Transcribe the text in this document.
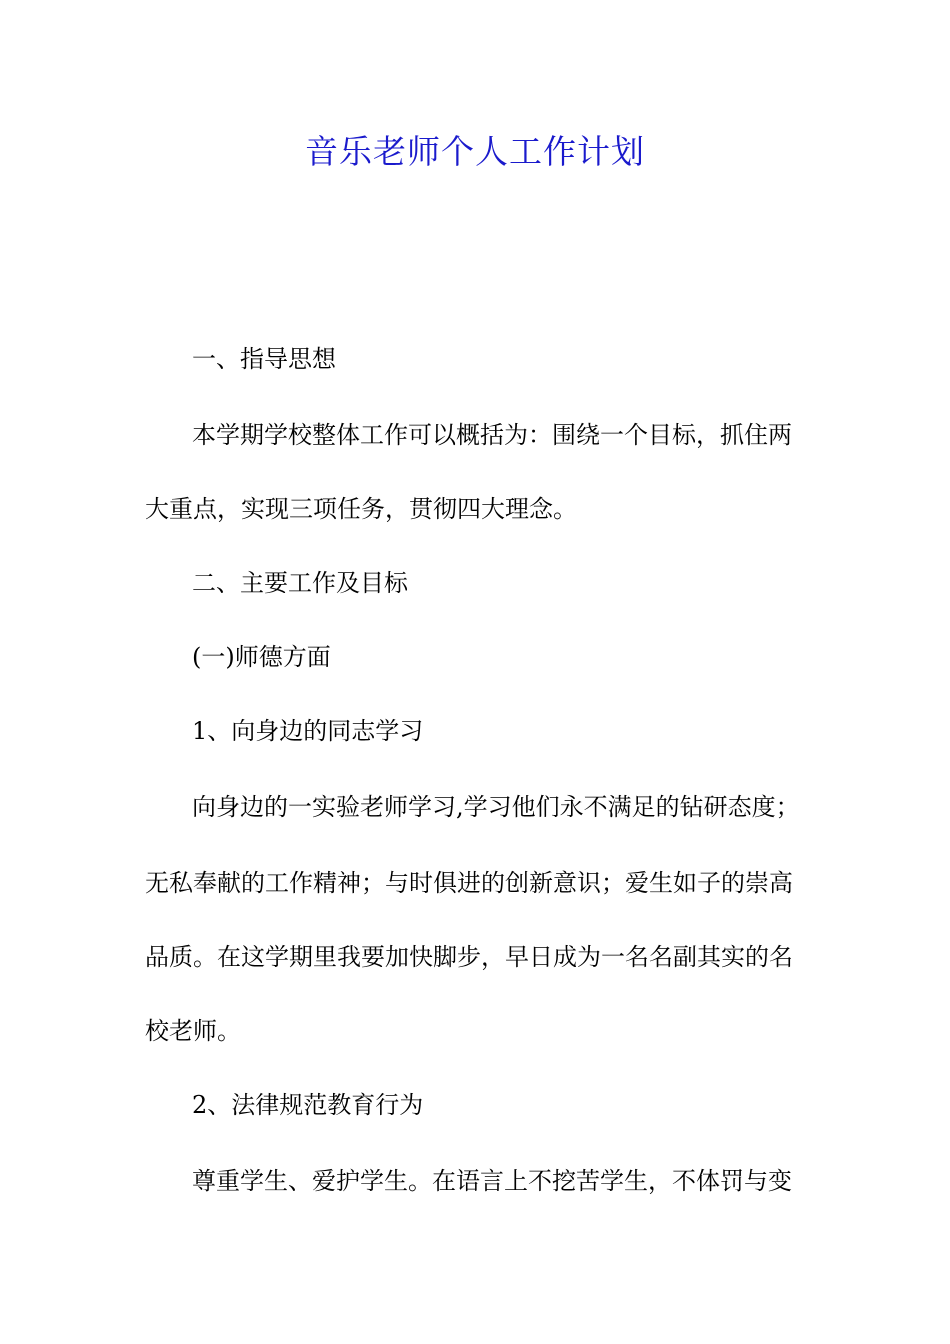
音乐老师个人工作计划
一、指导思想
本学期学校整体工作可以概括为：围绕一个目标，抓住两
大重点，实现三项任务，贯彻四大理念。
二、主要工作及目标
(一)师德方面
1、向身边的同志学习
向身边的一实验老师学习,学习他们永不满足的钻研态度；
无私奉献的工作精神；与时俱进的创新意识；爱生如子的崇高
品质。在这学期里我要加快脚步，早日成为一名名副其实的名
校老师。
2、法律规范教育行为
尊重学生、爱护学生。在语言上不挖苦学生，不体罚与变
